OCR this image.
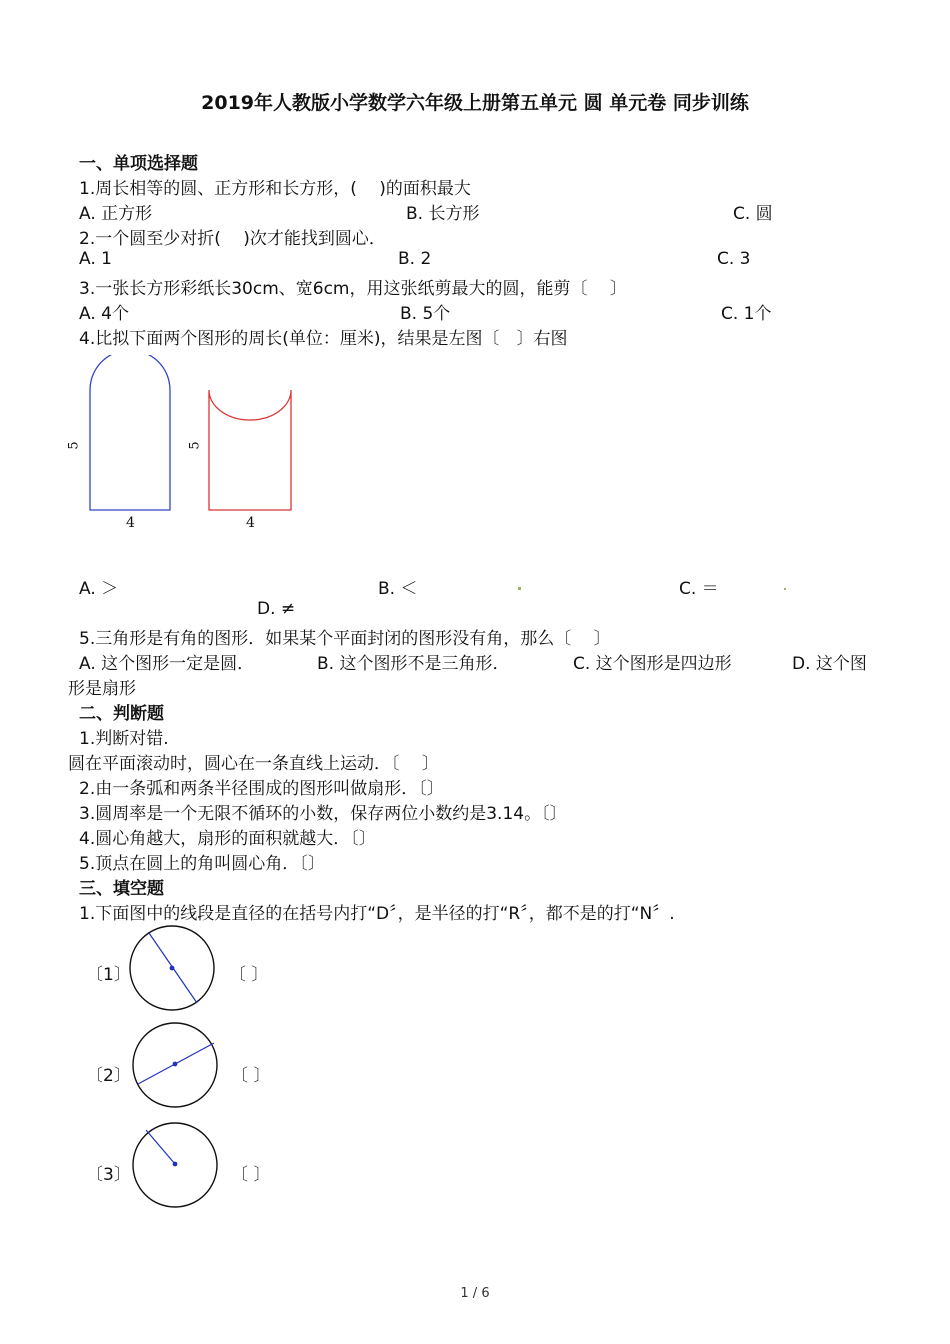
2019年人教版小学数学六年级上册第五单元 圆 单元卷 同步训练
一、单项选择题
1.周长相等的圆、正方形和长方形，(　 )的面积最大
A. 正方形	B. 长方形	C. 圆
2.一个圆至少对折(　 )次才能找到圆心．
A. 1	B. 2	C. 3
3.一张长方形彩纸长30cm、宽6cm，用这张纸剪最大的圆，能剪〔　 〕
A. 4个	B. 5个	C. 1个
4.比拟下面两个图形的周长(单位：厘米)，结果是左图〔　〕右图
5
4
5
4
A. ＞	B. ＜	C. ＝
D. ≠
5.三角形是有角的图形．如果某个平面封闭的图形没有角，那么〔　 〕
A. 这个图形一定是圆．	B. 这个图形不是三角形．	C. 这个图形是四边形	D. 这个图
形是扇形
二、判断题
1.判断对错.
圆在平面滚动时，圆心在一条直线上运动．〔　 〕
2.由一条弧和两条半径围成的图形叫做扇形．〔〕
3.圆周率是一个无限不循环的小数，保存两位小数约是3.14。〔〕
4.圆心角越大，扇形的面积就越大．〔〕
5.顶点在圆上的角叫圆心角．〔〕
三、填空题
1.下面图中的线段是直径的在括号内打“D〞，是半径的打“R〞，都不是的打“N〞.
〔1〕	〔 〕
〔2〕	〔 〕
〔3〕	〔 〕
1 / 6
